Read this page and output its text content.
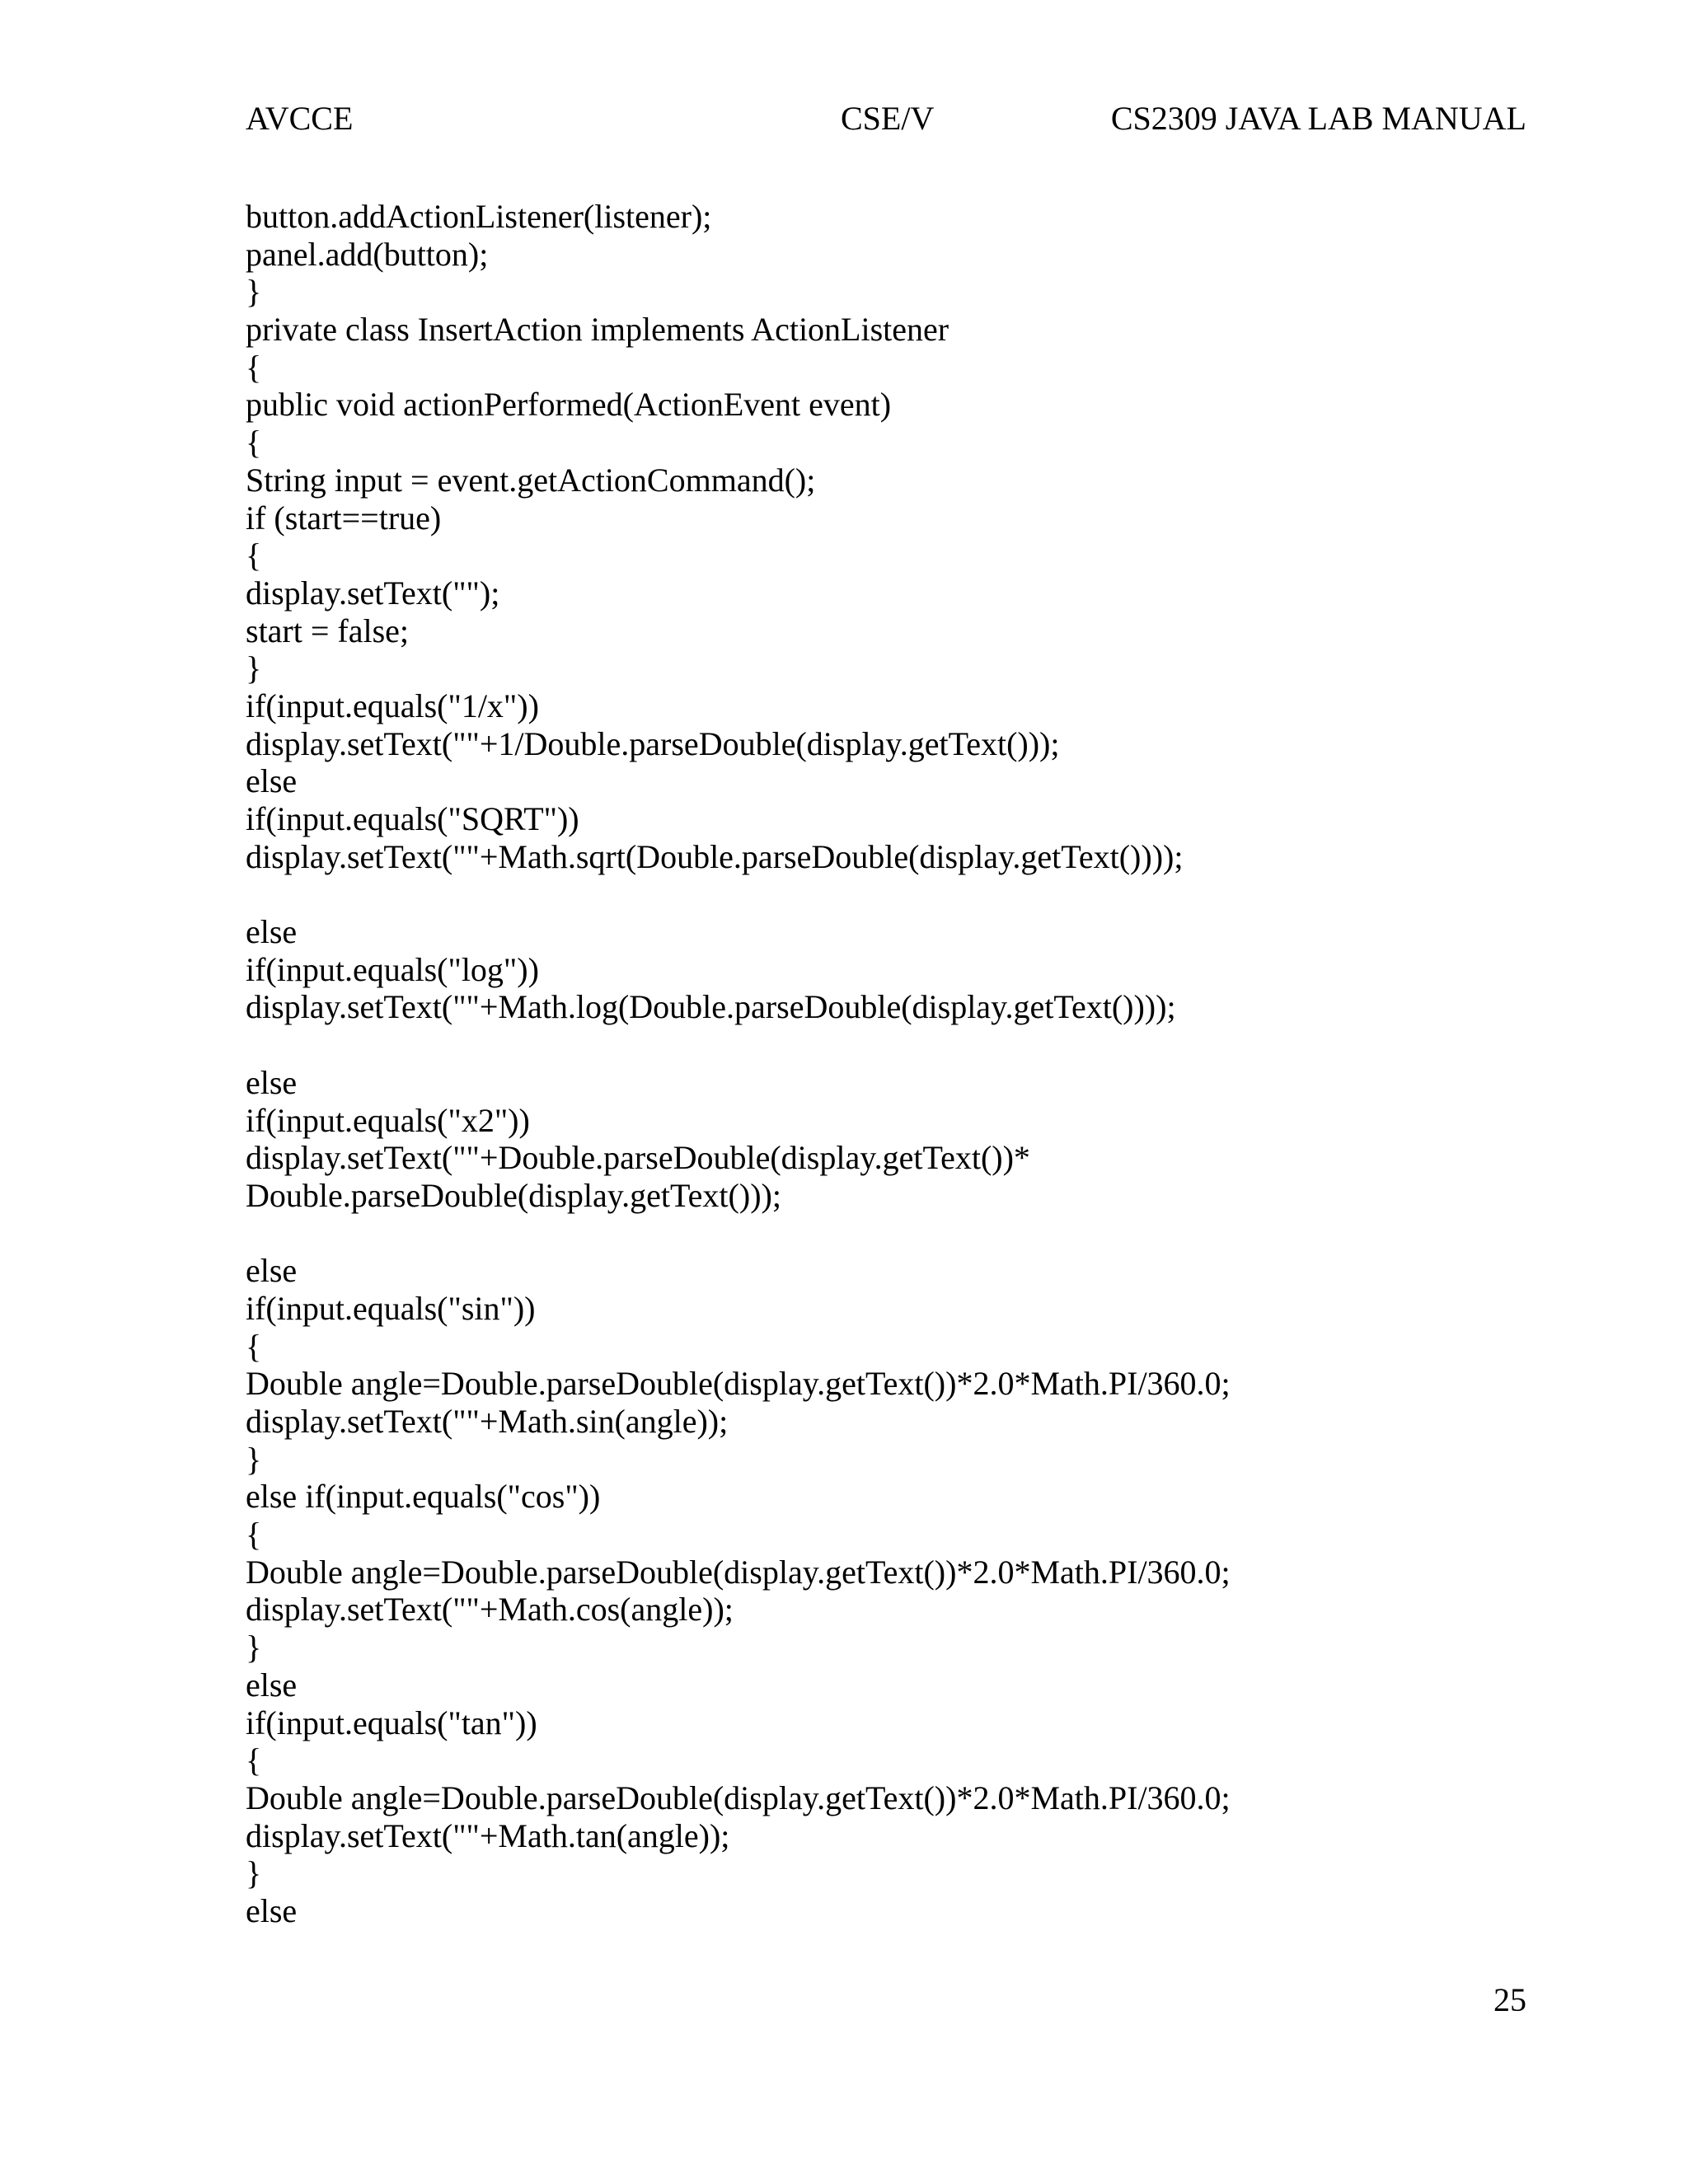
AVCCE	CSE/V	CS2309 JAVA LAB MANUAL
button.addActionListener(listener);
panel.add(button);
}
private class InsertAction implements ActionListener
{
public void actionPerformed(ActionEvent event)
{
String input = event.getActionCommand();
if (start==true)
{
display.setText("");
start = false;
}
if(input.equals("1/x"))
display.setText(""+1/Double.parseDouble(display.getText()));
else
if(input.equals("SQRT"))
display.setText(""+Math.sqrt(Double.parseDouble(display.getText())));
else
if(input.equals("log"))
display.setText(""+Math.log(Double.parseDouble(display.getText())));
else
if(input.equals("x2"))
display.setText(""+Double.parseDouble(display.getText())*
Double.parseDouble(display.getText()));
else
if(input.equals("sin"))
{
Double angle=Double.parseDouble(display.getText())*2.0*Math.PI/360.0;
display.setText(""+Math.sin(angle));
}
else if(input.equals("cos"))
{
Double angle=Double.parseDouble(display.getText())*2.0*Math.PI/360.0;
display.setText(""+Math.cos(angle));
}
else
if(input.equals("tan"))
{
Double angle=Double.parseDouble(display.getText())*2.0*Math.PI/360.0;
display.setText(""+Math.tan(angle));
}
else
25
